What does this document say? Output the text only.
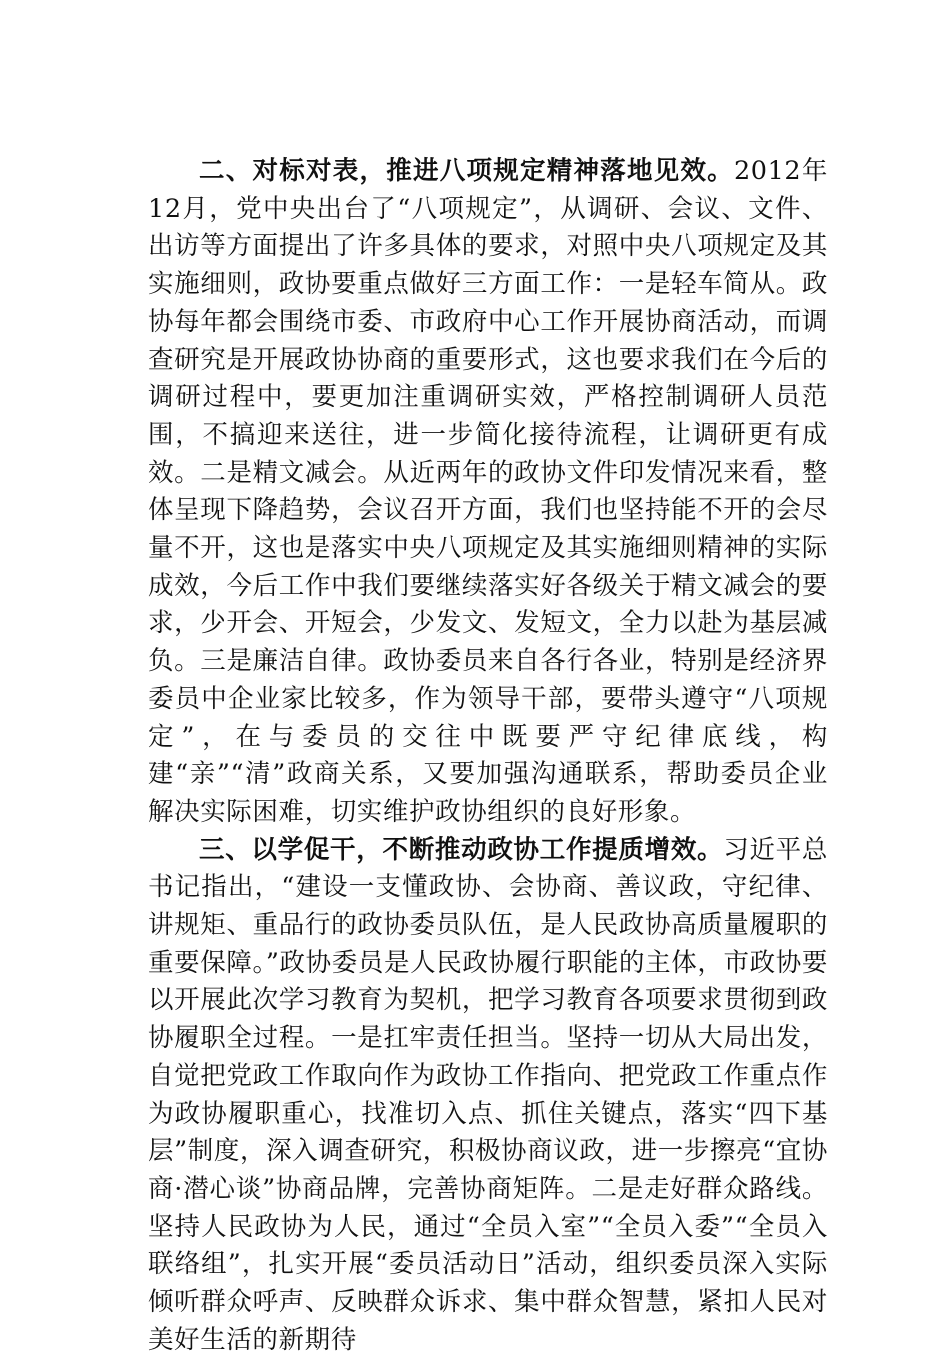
二、对标对表，推进八项规定精神落地见效。2012年12月，党中央出台了“八项规定”，从调研、会议、文件、出访等方面提出了许多具体的要求，对照中央八项规定及其实施细则，政协要重点做好三方面工作：一是轻车简从。政协每年都会围绕市委、市政府中心工作开展协商活动，而调查研究是开展政协协商的重要形式，这也要求我们在今后的调研过程中，要更加注重调研实效，严格控制调研人员范围，不搞迎来送往，进一步简化接待流程，让调研更有成效。二是精文减会。从近两年的政协文件印发情况来看，整体呈现下降趋势，会议召开方面，我们也坚持能不开的会尽量不开，这也是落实中央八项规定及其实施细则精神的实际成效，今后工作中我们要继续落实好各级关于精文减会的要求，少开会、开短会，少发文、发短文，全力以赴为基层减负。三是廉洁自律。政协委员来自各行各业，特别是经济界委员中企业家比较多，作为领导干部，要带头遵守“八项规定”，在与委员的交往中既要严守纪律底线，构建“亲”“清”政商关系，又要加强沟通联系，帮助委员企业解决实际困难，切实维护政协组织的良好形象。

三、以学促干，不断推动政协工作提质增效。习近平总书记指出，“建设一支懂政协、会协商、善议政，守纪律、讲规矩、重品行的政协委员队伍，是人民政协高质量履职的重要保障。”政协委员是人民政协履行职能的主体，市政协要以开展此次学习教育为契机，把学习教育各项要求贯彻到政协履职全过程。一是扛牢责任担当。坚持一切从大局出发，自觉把党政工作取向作为政协工作指向、把党政工作重点作为政协履职重心，找准切入点、抓住关键点，落实“四下基层”制度，深入调查研究，积极协商议政，进一步擦亮“宜协商·潜心谈”协商品牌，完善协商矩阵。二是走好群众路线。坚持人民政协为人民，通过“全员入室”“全员入委”“全员入联络组”，扎实开展“委员活动日”活动，组织委员深入实际倾听群众呼声、反映群众诉求、集中群众智慧，紧扣人民对美好生活的新期待
